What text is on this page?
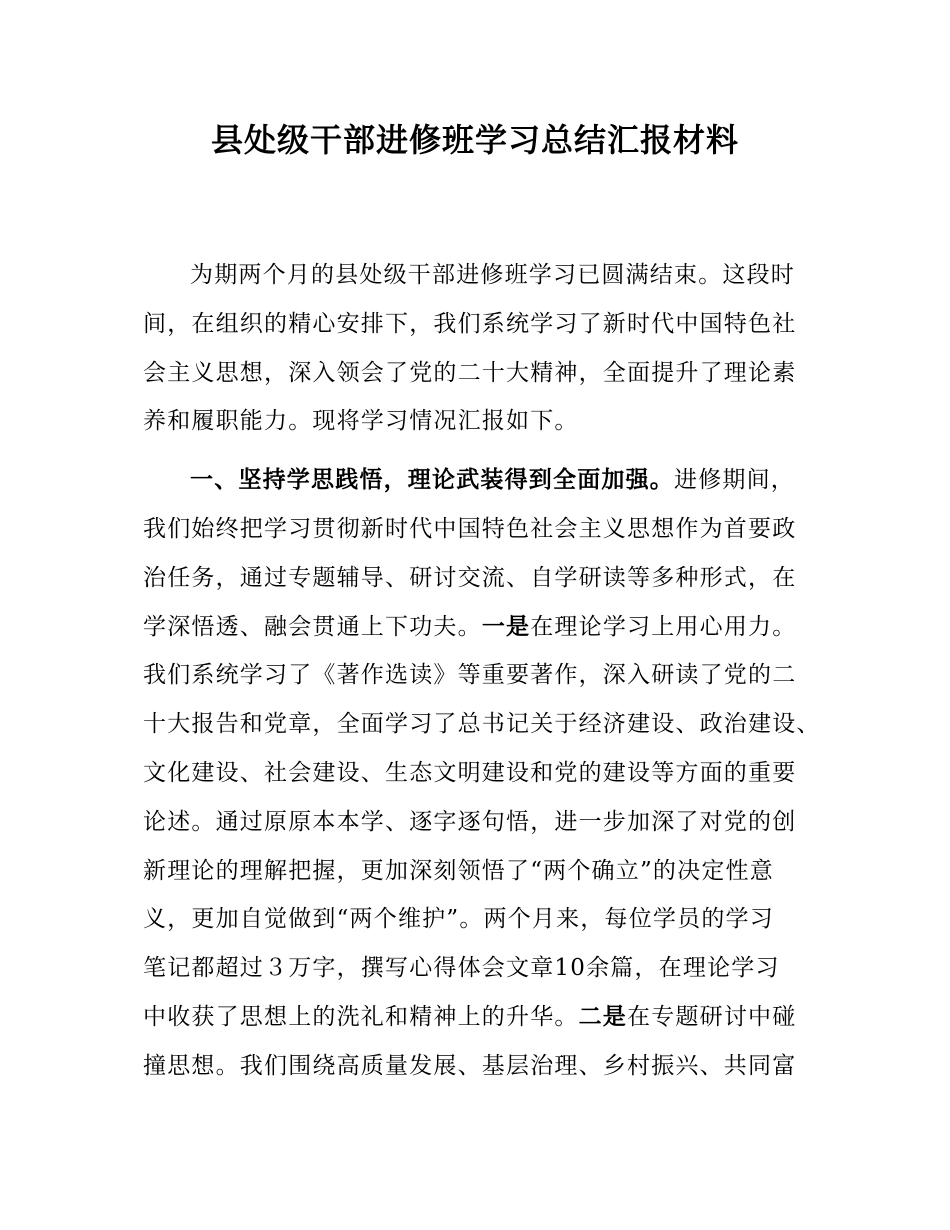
县处级干部进修班学习总结汇报材料
为期两个月的县处级干部进修班学习已圆满结束。这段时
间，在组织的精心安排下，我们系统学习了新时代中国特色社
会主义思想，深入领会了党的二十大精神，全面提升了理论素
养和履职能力。现将学习情况汇报如下。
一、坚持学思践悟，理论武装得到全面加强。进修期间，
我们始终把学习贯彻新时代中国特色社会主义思想作为首要政
治任务，通过专题辅导、研讨交流、自学研读等多种形式，在
学深悟透、融会贯通上下功夫。一是在理论学习上用心用力。
我们系统学习了《著作选读》等重要著作，深入研读了党的二
十大报告和党章，全面学习了总书记关于经济建设、政治建设、
文化建设、社会建设、生态文明建设和党的建设等方面的重要
论述。通过原原本本学、逐字逐句悟，进一步加深了对党的创
新理论的理解把握，更加深刻领悟了“两个确立”的决定性意
义，更加自觉做到“两个维护”。两个月来，每位学员的学习
笔记都超过３万字，撰写心得体会文章10余篇，在理论学习
中收获了思想上的洗礼和精神上的升华。二是在专题研讨中碰
撞思想。我们围绕高质量发展、基层治理、乡村振兴、共同富
